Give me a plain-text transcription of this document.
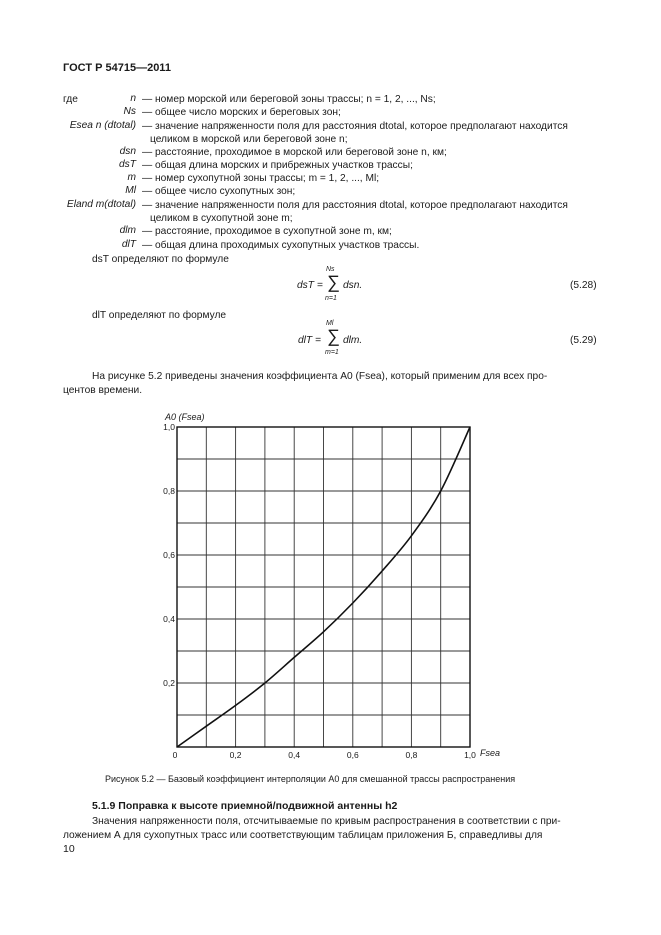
ГОСТ Р 54715—2011
где	n — номер морской или береговой зоны трассы; n = 1, 2, ..., Ns;
Ns — общее число морских и береговых зон;
Esea n (dtotal) — значение напряженности поля для расстояния dtotal, которое предполагают находится
целиком в морской или береговой зоне n;
dsn — расстояние, проходимое в морской или береговой зоне n, км;
dsT — общая длина морских и прибрежных участков трассы;
m — номер сухопутной зоны трассы; m = 1, 2, ..., Ml;
Ml — общее число сухопутных зон;
Eland m(dtotal) — значение напряженности поля для расстояния dtotal, которое предполагают находится
целиком в сухопутной зоне m;
dlm — расстояние, проходимое в сухопутной зоне m, км;
dlT — общая длина проходимых сухопутных участков трассы.
dsT определяют по формуле
dsT =
Ns
∑
n=1
dsn.	(5.28)
dlT определяют по формуле
dlT =
Ml
∑
m=1
dlm.	(5.29)
На рисунке 5.2 приведены значения коэффициента A0 (Fsea), который применим для всех про-
центов времени.
0,2
0,4
0,6
0,8
1,0
0	0,2	0,4	0,6	0,8	1,0
A0 (Fsea)
Fsea
Рисунок 5.2 — Базовый коэффициент интерполяции A0 для смешанной трассы распространения
5.1.9 Поправка к высоте приемной/подвижной антенны h2
Значения напряженности поля, отсчитываемые по кривым распространения в соответствии с при-
ложением А для сухопутных трасс или соответствующим таблицам приложения Б, справедливы для
10
